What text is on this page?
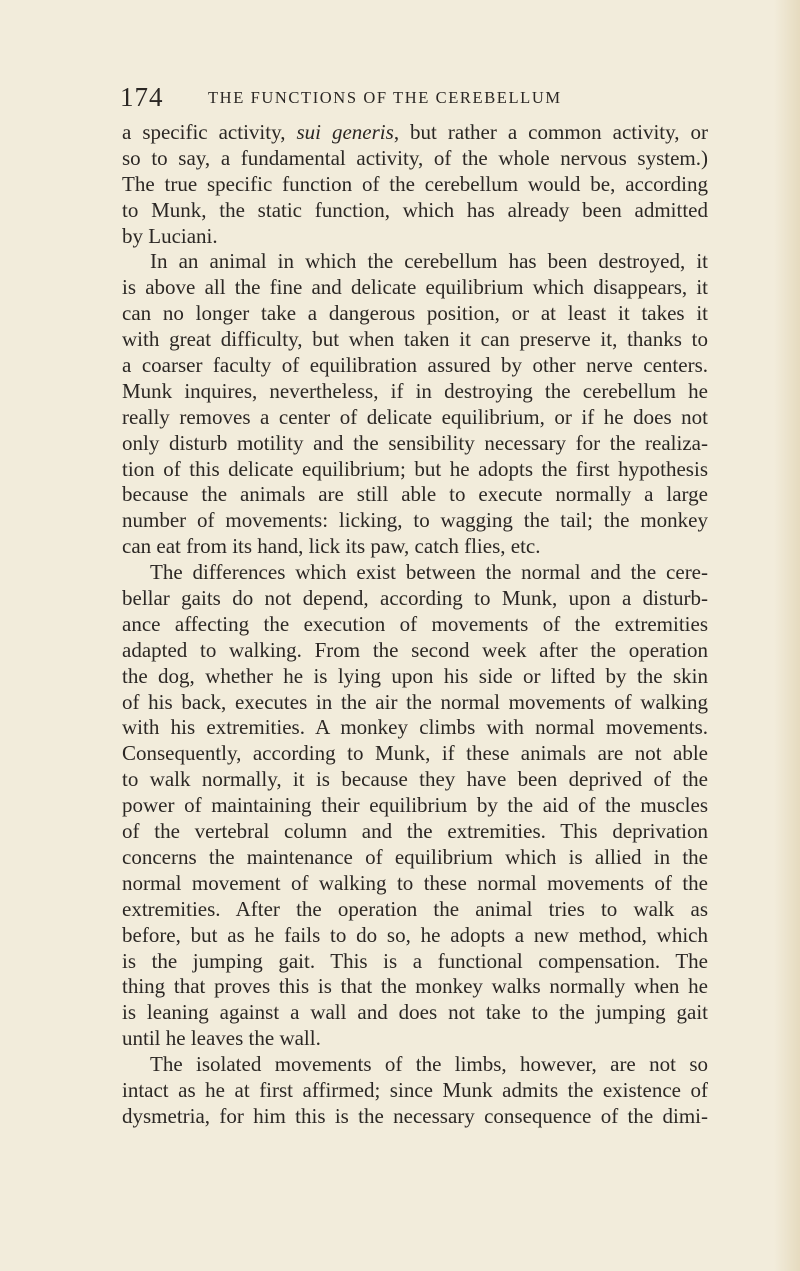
174	THE FUNCTIONS OF THE CEREBELLUM
a specific activity, sui generis, but rather a common activity, or
so to say, a fundamental activity, of the whole nervous system.)
The true specific function of the cerebellum would be, according
to Munk, the static function, which has already been admitted
by Luciani.
In an animal in which the cerebellum has been destroyed, it
is above all the fine and delicate equilibrium which disappears, it
can no longer take a dangerous position, or at least it takes it
with great difficulty, but when taken it can preserve it, thanks to
a coarser faculty of equilibration assured by other nerve centers.
Munk inquires, nevertheless, if in destroying the cerebellum he
really removes a center of delicate equilibrium, or if he does not
only disturb motility and the sensibility necessary for the realiza-
tion of this delicate equilibrium; but he adopts the first hypothesis
because the animals are still able to execute normally a large
number of movements: licking, to wagging the tail; the monkey
can eat from its hand, lick its paw, catch flies, etc.
The differences which exist between the normal and the cere-
bellar gaits do not depend, according to Munk, upon a disturb-
ance affecting the execution of movements of the extremities
adapted to walking. From the second week after the operation
the dog, whether he is lying upon his side or lifted by the skin
of his back, executes in the air the normal movements of walking
with his extremities. A monkey climbs with normal movements.
Consequently, according to Munk, if these animals are not able
to walk normally, it is because they have been deprived of the
power of maintaining their equilibrium by the aid of the muscles
of the vertebral column and the extremities. This deprivation
concerns the maintenance of equilibrium which is allied in the
normal movement of walking to these normal movements of the
extremities. After the operation the animal tries to walk as
before, but as he fails to do so, he adopts a new method, which
is the jumping gait. This is a functional compensation. The
thing that proves this is that the monkey walks normally when he
is leaning against a wall and does not take to the jumping gait
until he leaves the wall.
The isolated movements of the limbs, however, are not so
intact as he at first affirmed; since Munk admits the existence of
dysmetria, for him this is the necessary consequence of the dimi-
